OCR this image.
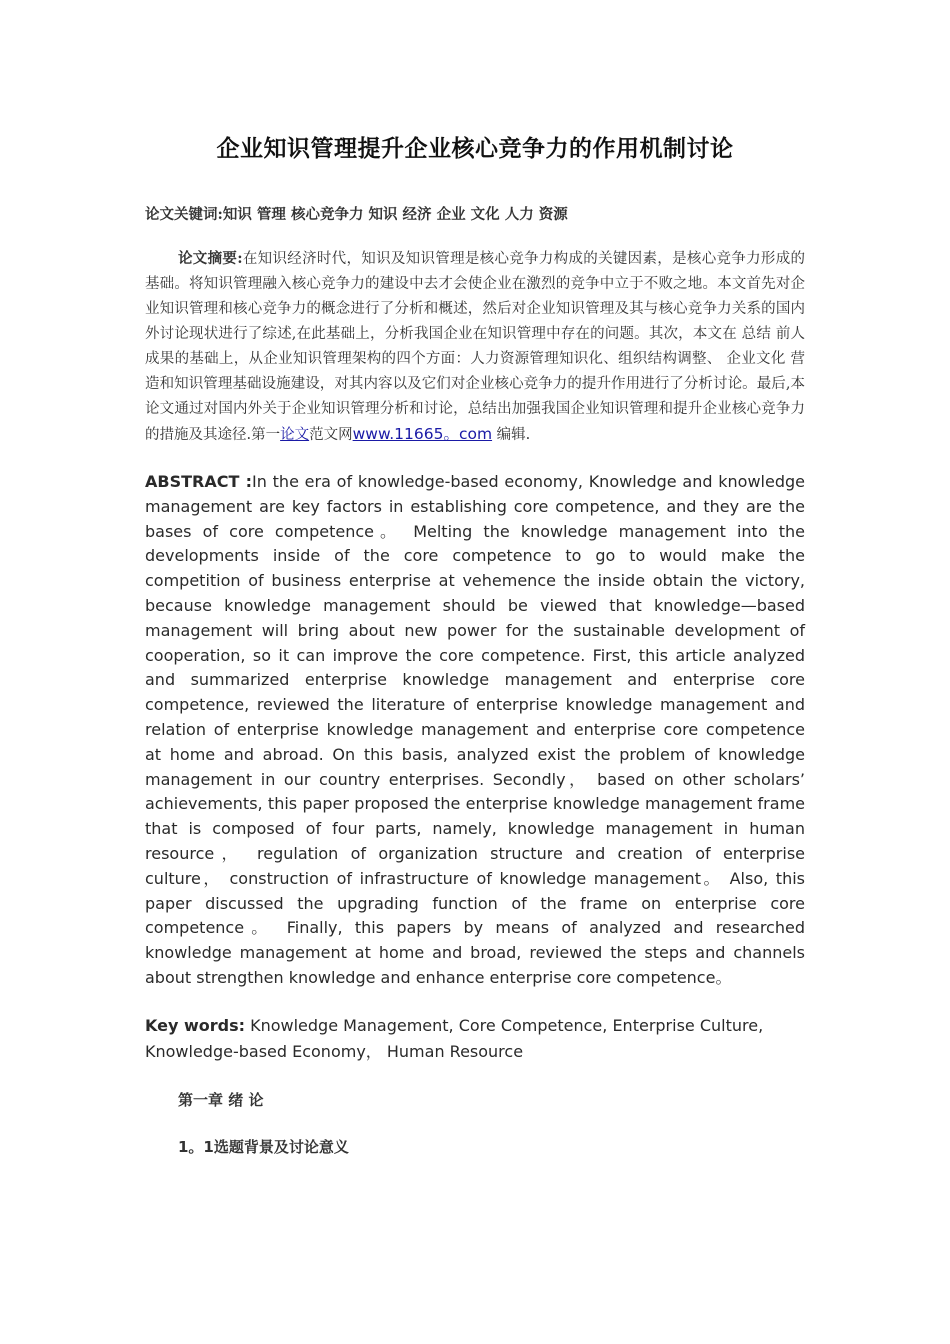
企业知识管理提升企业核心竞争力的作用机制讨论

论文关键词:知识 管理 核心竞争力 知识 经济 企业 文化 人力 资源

论文摘要:在知识经济时代，知识及知识管理是核心竞争力构成的关键因素，是核心竞争力形成的基础。将知识管理融入核心竞争力的建设中去才会使企业在激烈的竞争中立于不败之地。本文首先对企业知识管理和核心竞争力的概念进行了分析和概述，然后对企业知识管理及其与核心竞争力关系的国内外讨论现状进行了综述,在此基础上，分析我国企业在知识管理中存在的问题。其次，本文在 总结 前人成果的基础上，从企业知识管理架构的四个方面：人力资源管理知识化、组织结构调整、 企业文化 营造和知识管理基础设施建设，对其内容以及它们对企业核心竞争力的提升作用进行了分析讨论。最后,本论文通过对国内外关于企业知识管理分析和讨论，总结出加强我国企业知识管理和提升企业核心竞争力的措施及其途径.第一论文范文网www.11665。com 编辑.

ABSTRACT :In the era of knowledge-based economy, Knowledge and knowledge management are key factors in establishing core competence, and they are the bases of core competence。 Melting the knowledge management into the developments inside of the core competence to go to would make the competition of business enterprise at vehemence the inside obtain the victory, because knowledge management should be viewed that knowledge—based management will bring about new power for the sustainable development of cooperation, so it can improve the core competence. First, this article analyzed and summarized enterprise knowledge management and enterprise core competence, reviewed the literature of enterprise knowledge management and relation of enterprise knowledge management and enterprise core competence at home and abroad. On this basis, analyzed exist the problem of knowledge management in our country enterprises. Secondly， based on other scholars’ achievements, this paper proposed the enterprise knowledge management frame that is composed of four parts, namely, knowledge management in human resource， regulation of organization structure and creation of enterprise culture， construction of infrastructure of knowledge management。 Also, this paper discussed the upgrading function of the frame on enterprise core competence。 Finally, this papers by means of analyzed and researched knowledge management at home and broad, reviewed the steps and channels about strengthen knowledge and enhance enterprise core competence。

Key words: Knowledge Management, Core Competence, Enterprise Culture, Knowledge-based Economy， Human Resource

第一章 绪 论
1。1选题背景及讨论意义
